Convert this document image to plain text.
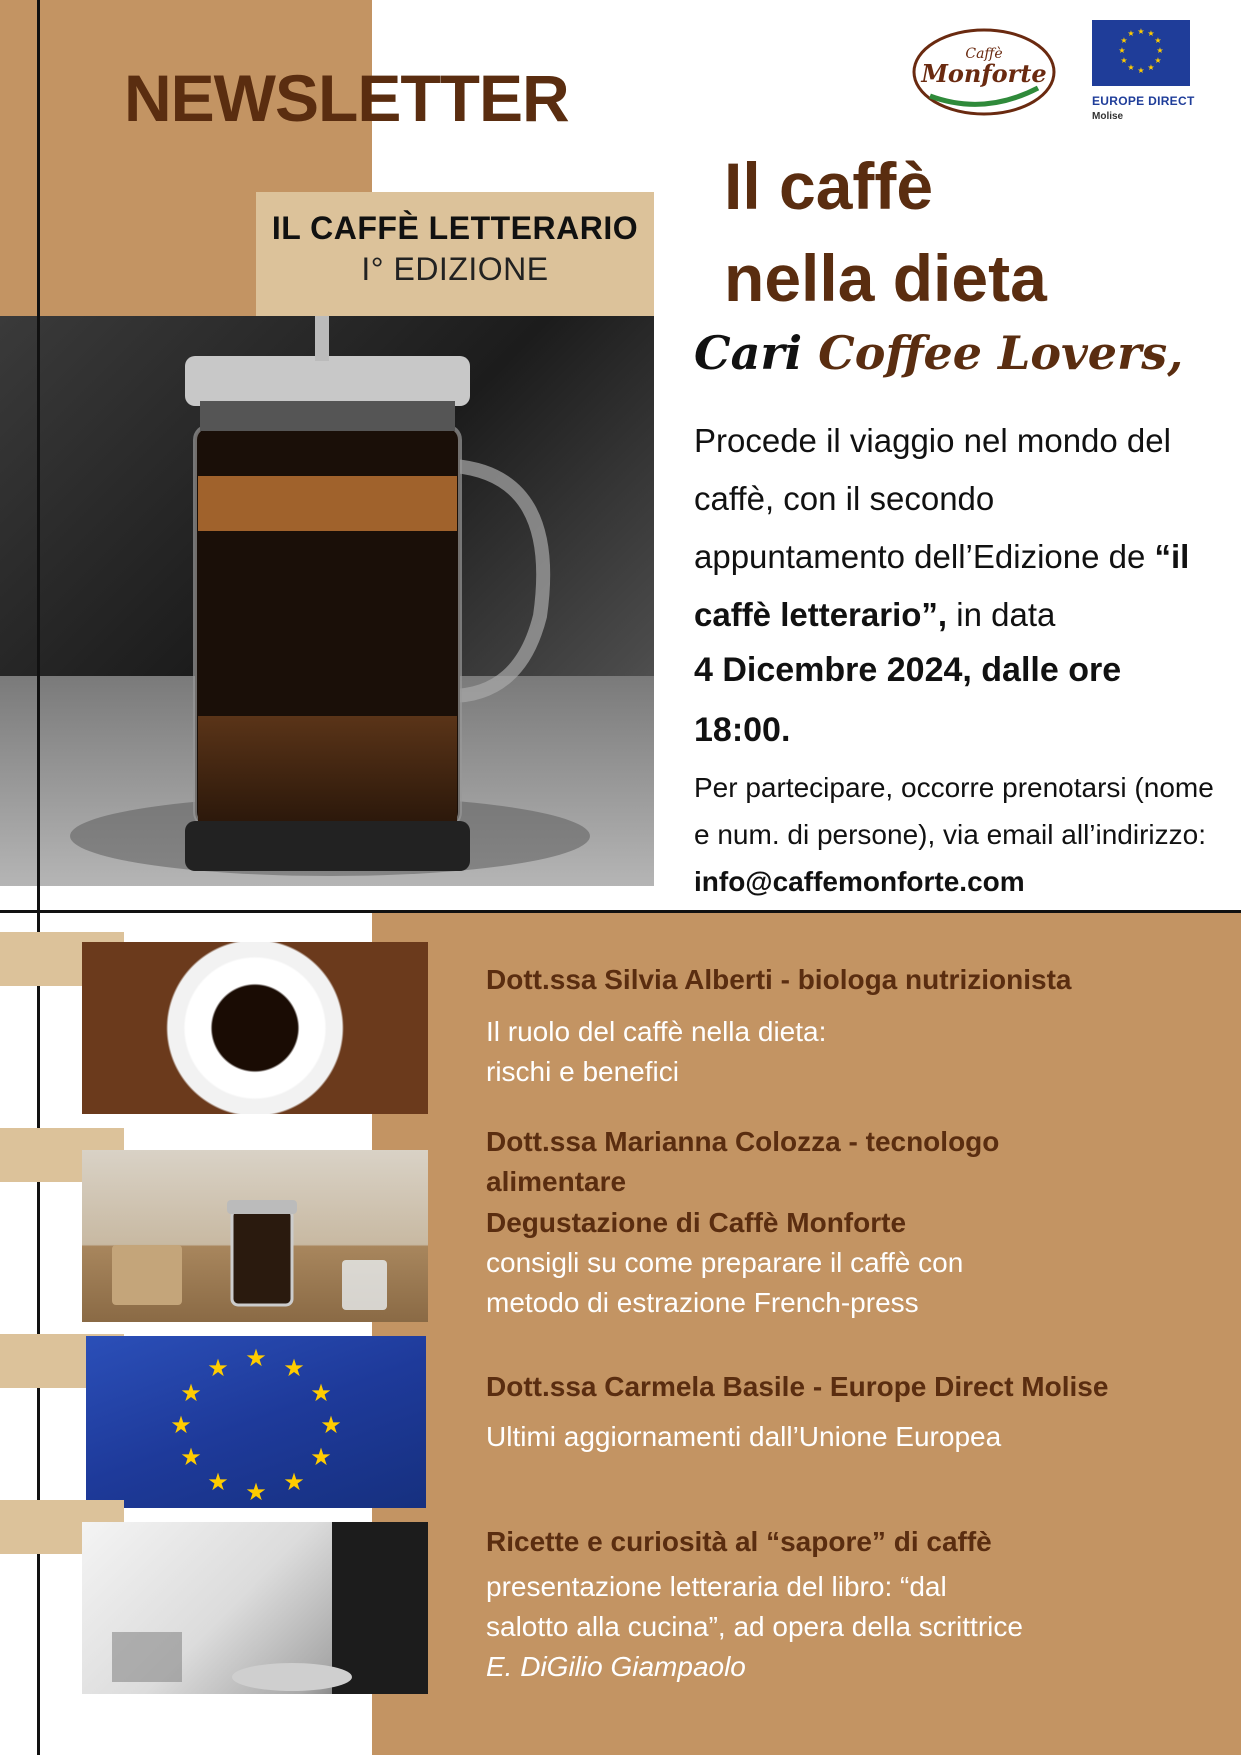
NEWSLETTER
IL CAFFÈ LETTERARIO
I° EDIZIONE
Caffè
Monforte
★ ★
★
★
★
★
★
★
★
★
★
★
EUROPE DIRECT
Molise
Il caffè
nella dieta
Cari Coffee Lovers,
Procede il viaggio nel mondo del caffè, con il secondo appuntamento dell’Edizione de “il caffè letterario”, in data
4 Dicembre 2024, dalle ore 18:00.
Per partecipare, occorre prenotarsi (nome e num. di persone), via email all’indirizzo: info@caffemonforte.com
Dott.ssa Silvia Alberti - biologa nutrizionista
Il ruolo del caffè nella dieta:
rischi e benefici
Dott.ssa Marianna Colozza - tecnologo
alimentare
Degustazione di Caffè Monforte
consigli su come preparare il caffè con
metodo di estrazione French-press
★ ★
★
★
★
★
★
★
★
★
★
★
Dott.ssa Carmela Basile - Europe Direct Molise
Ultimi aggiornamenti dall’Unione Europea
Ricette e curiosità al “sapore” di caffè
presentazione letteraria del libro: “dal
salotto alla cucina”, ad opera della scrittrice
E. DiGilio Giampaolo
